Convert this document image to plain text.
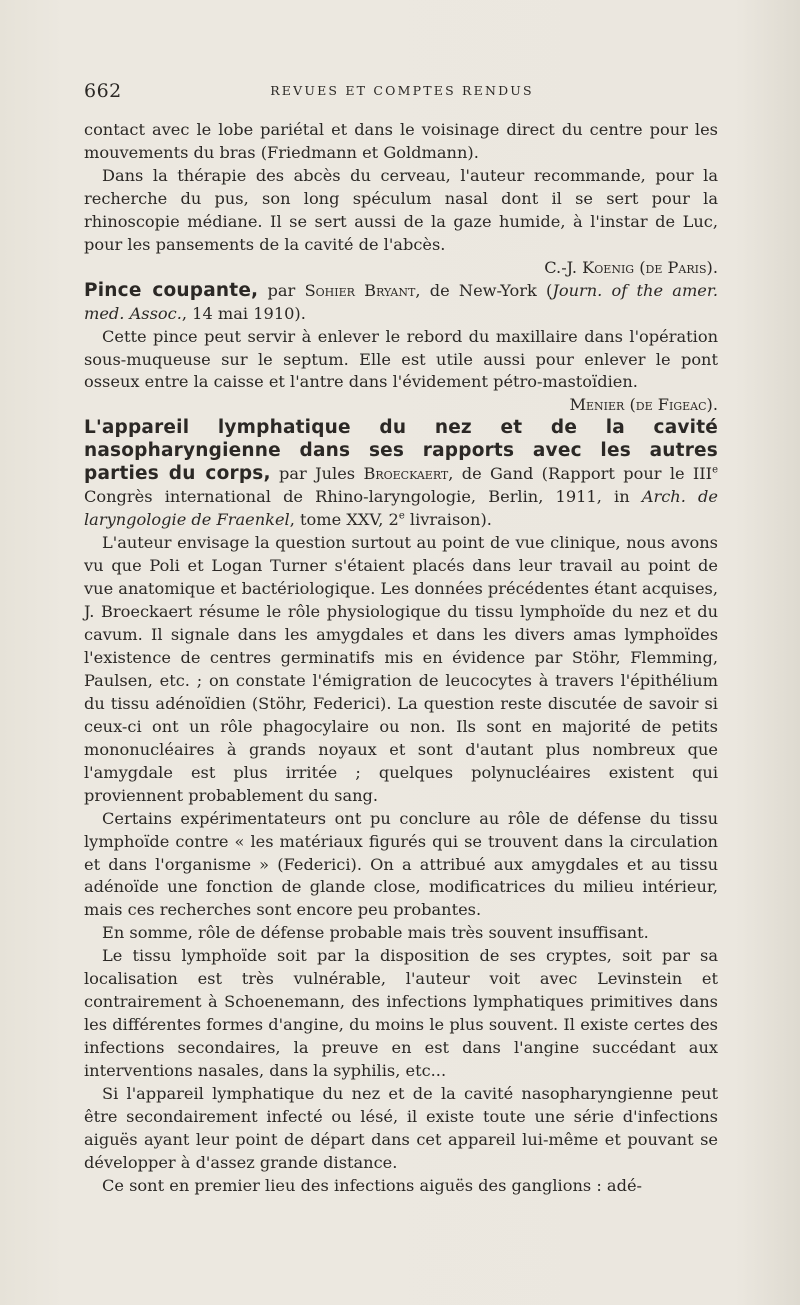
662	REVUES ET COMPTES RENDUS

contact avec le lobe pariétal et dans le voisinage direct du centre pour les mouvements du bras (Friedmann et Goldmann).

Dans la thérapie des abcès du cerveau, l'auteur recommande, pour la recherche du pus, son long spéculum nasal dont il se sert pour la rhinoscopie médiane. Il se sert aussi de la gaze humide, à l'instar de Luc, pour les pansements de la cavité de l'abcès.

C.-J. Koenig (de Paris).

Pince coupante, par Sohier Bryant, de New-York (Journ. of the amer. med. Assoc., 14 mai 1910).

Cette pince peut servir à enlever le rebord du maxillaire dans l'opération sous-muqueuse sur le septum. Elle est utile aussi pour enlever le pont osseux entre la caisse et l'antre dans l'évidement pétro-mastoïdien.

Menier (de Figeac).

L'appareil lymphatique du nez et de la cavité nasopharyngienne dans ses rapports avec les autres parties du corps, par Jules Broeckaert, de Gand (Rapport pour le IIIe Congrès international de Rhino-laryngologie, Berlin, 1911, in Arch. de laryngologie de Fraenkel, tome XXV, 2e livraison).

L'auteur envisage la question surtout au point de vue clinique, nous avons vu que Poli et Logan Turner s'étaient placés dans leur travail au point de vue anatomique et bactériologique. Les données précédentes étant acquises, J. Broeckaert résume le rôle physiologique du tissu lymphoïde du nez et du cavum. Il signale dans les amygdales et dans les divers amas lymphoïdes l'existence de centres germinatifs mis en évidence par Stöhr, Flemming, Paulsen, etc. ; on constate l'émigration de leucocytes à travers l'épithélium du tissu adénoïdien (Stöhr, Federici). La question reste discutée de savoir si ceux-ci ont un rôle phagocylaire ou non. Ils sont en majorité de petits mononucléaires à grands noyaux et sont d'autant plus nombreux que l'amygdale est plus irritée ; quelques polynucléaires existent qui proviennent probablement du sang.

Certains expérimentateurs ont pu conclure au rôle de défense du tissu lymphoïde contre « les matériaux figurés qui se trouvent dans la circulation et dans l'organisme » (Federici). On a attribué aux amygdales et au tissu adénoïde une fonction de glande close, modificatrices du milieu intérieur, mais ces recherches sont encore peu probantes.

En somme, rôle de défense probable mais très souvent insuffisant.

Le tissu lymphoïde soit par la disposition de ses cryptes, soit par sa localisation est très vulnérable, l'auteur voit avec Levinstein et contrairement à Schoenemann, des infections lymphatiques primitives dans les différentes formes d'angine, du moins le plus souvent. Il existe certes des infections secondaires, la preuve en est dans l'angine succédant aux interventions nasales, dans la syphilis, etc...

Si l'appareil lymphatique du nez et de la cavité nasopharyngienne peut être secondairement infecté ou lésé, il existe toute une série d'infections aiguës ayant leur point de départ dans cet appareil lui-même et pouvant se développer à d'assez grande distance.

Ce sont en premier lieu des infections aiguës des ganglions : adé-
